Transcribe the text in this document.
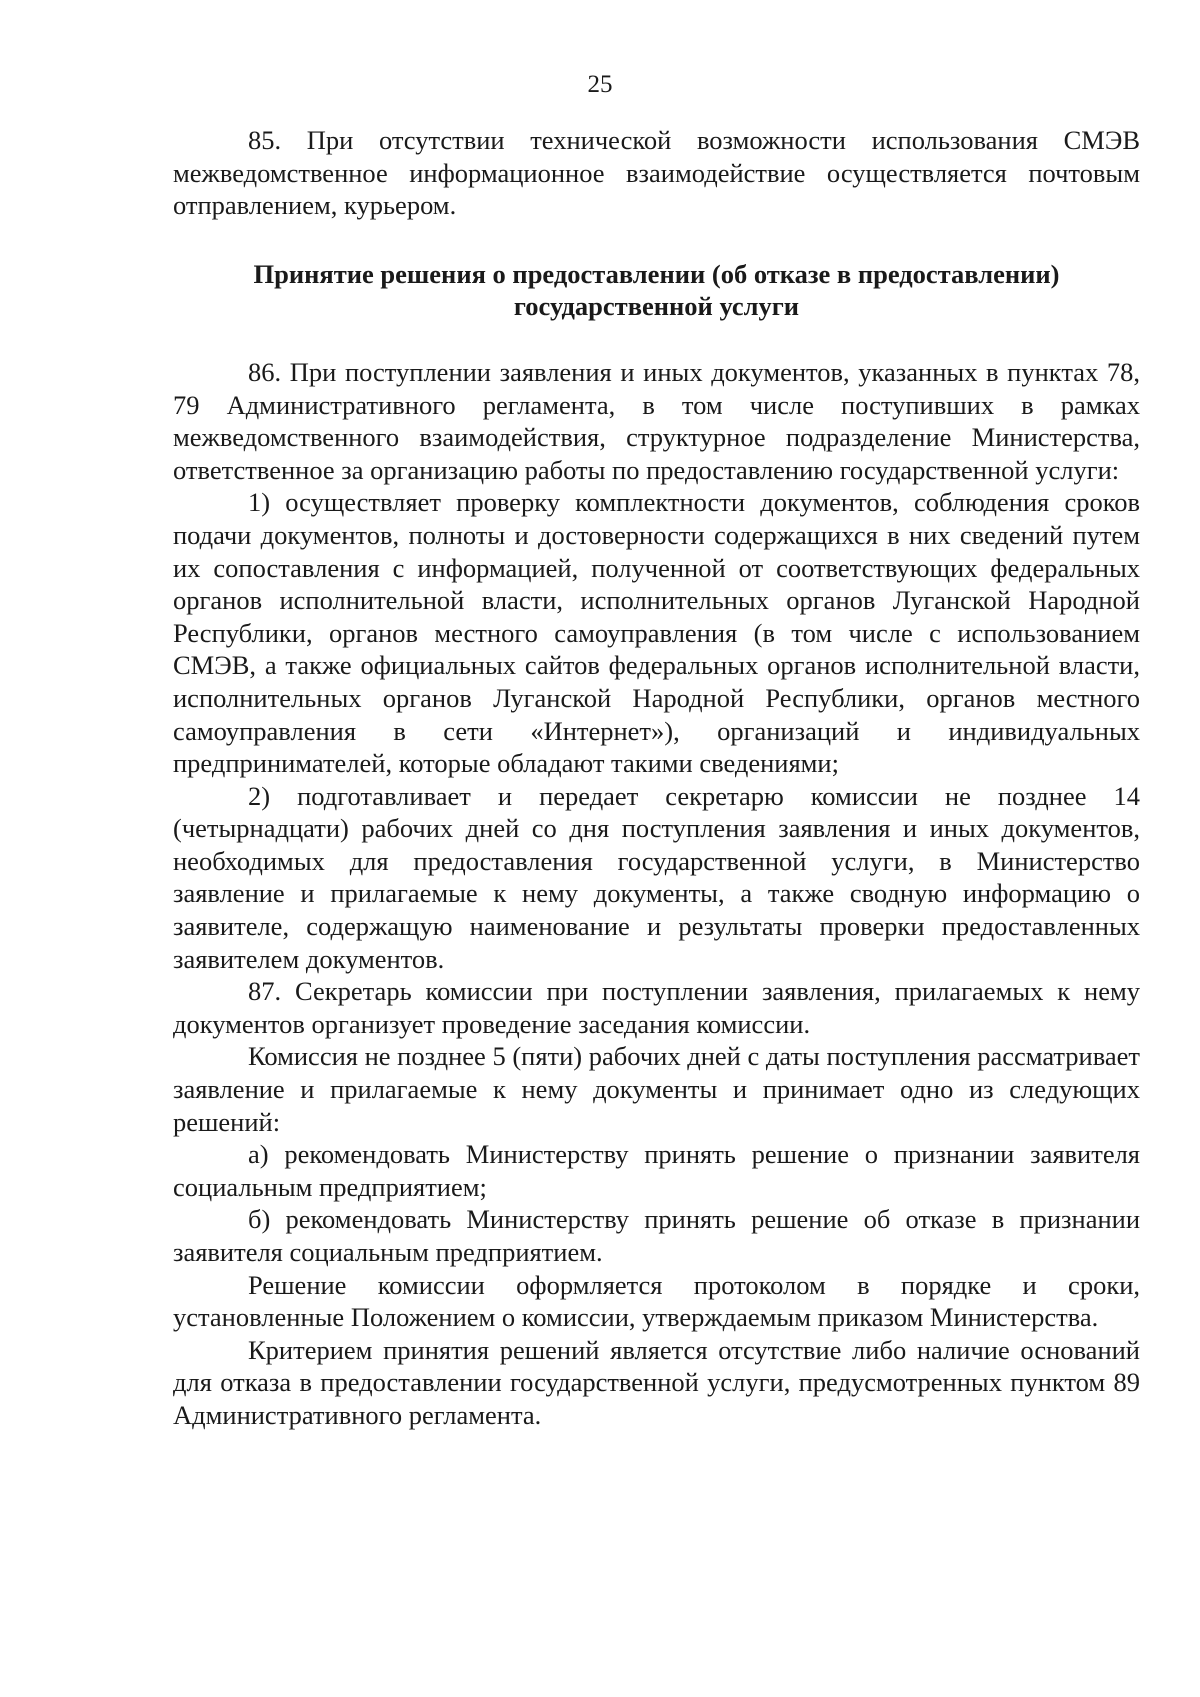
25

85. При отсутствии технической возможности использования СМЭВ межведомственное информационное взаимодействие осуществляется почтовым отправлением, курьером.

Принятие решения о предоставлении (об отказе в предоставлении)
государственной услуги

86. При поступлении заявления и иных документов, указанных в пунктах 78, 79 Административного регламента, в том числе поступивших в рамках межведомственного взаимодействия, структурное подразделение Министерства, ответственное за организацию работы по предоставлению государственной услуги:

1) осуществляет проверку комплектности документов, соблюдения сроков подачи документов, полноты и достоверности содержащихся в них сведений путем их сопоставления с информацией, полученной от соответствующих федеральных органов исполнительной власти, исполнительных органов Луганской Народной Республики, органов местного самоуправления (в том числе с использованием СМЭВ, а также официальных сайтов федеральных органов исполнительной власти, исполнительных органов Луганской Народной Республики, органов местного самоуправления в сети «Интернет»), организаций и индивидуальных предпринимателей, которые обладают такими сведениями;

2) подготавливает и передает секретарю комиссии не позднее 14 (четырнадцати) рабочих дней со дня поступления заявления и иных документов, необходимых для предоставления государственной услуги, в Министерство заявление и прилагаемые к нему документы, а также сводную информацию о заявителе, содержащую наименование и результаты проверки предоставленных заявителем документов.

87. Секретарь комиссии при поступлении заявления, прилагаемых к нему документов организует проведение заседания комиссии.

Комиссия не позднее 5 (пяти) рабочих дней с даты поступления рассматривает заявление и прилагаемые к нему документы и принимает одно из следующих решений:

а) рекомендовать Министерству принять решение о признании заявителя социальным предприятием;

б) рекомендовать Министерству принять решение об отказе в признании заявителя социальным предприятием.

Решение комиссии оформляется протоколом в порядке и сроки, установленные Положением о комиссии, утверждаемым приказом Министерства.

Критерием принятия решений является отсутствие либо наличие оснований для отказа в предоставлении государственной услуги, предусмотренных пунктом 89 Административного регламента.
